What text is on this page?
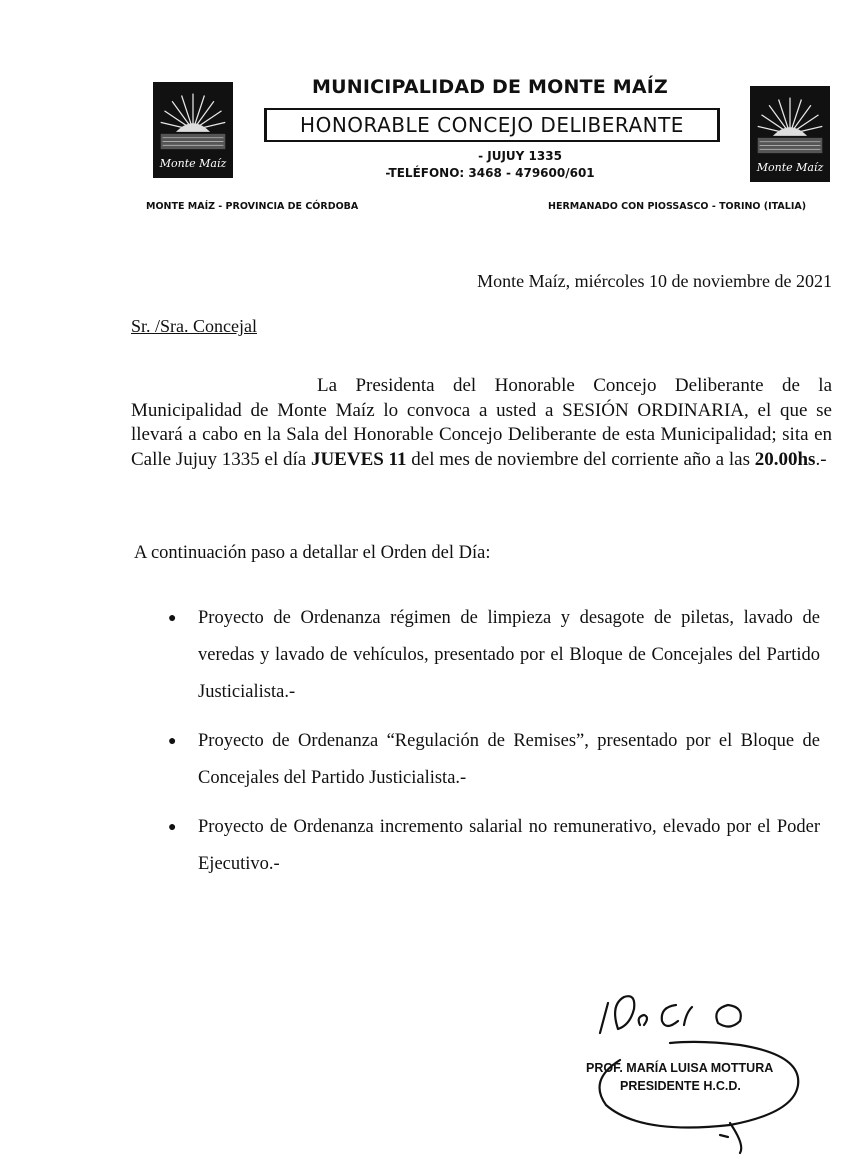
Monte Maíz	Monte Maíz
MUNICIPALIDAD DE MONTE MAÍZ
HONORABLE CONCEJO DELIBERANTE
- JUJUY 1335
-TELÉFONO: 3468 - 479600/601
MONTE MAÍZ - PROVINCIA DE CÓRDOBA	HERMANADO CON PIOSSASCO - TORINO (ITALIA)
Monte Maíz, miércoles 10 de noviembre de 2021
Sr. /Sra. Concejal
La Presidenta del Honorable Concejo Deliberante de la Municipalidad de Monte Maíz lo convoca a usted a SESIÓN ORDINARIA, el que se llevará a cabo en la Sala del Honorable Concejo Deliberante de esta Municipalidad; sita en Calle Jujuy 1335 el día JUEVES 11 del mes de noviembre del corriente año a las 20.00hs.-
A continuación paso a detallar el Orden del Día:
● Proyecto de Ordenanza régimen de limpieza y desagote de piletas, lavado de veredas y lavado de vehículos, presentado por el Bloque de Concejales del Partido Justicialista.-
● Proyecto de Ordenanza “Regulación de Remises”, presentado por el Bloque de Concejales del Partido Justicialista.-
● Proyecto de Ordenanza incremento salarial no remunerativo, elevado por el Poder Ejecutivo.-
PROF. MARÍA LUISA MOTTURA
PRESIDENTE H.C.D.
